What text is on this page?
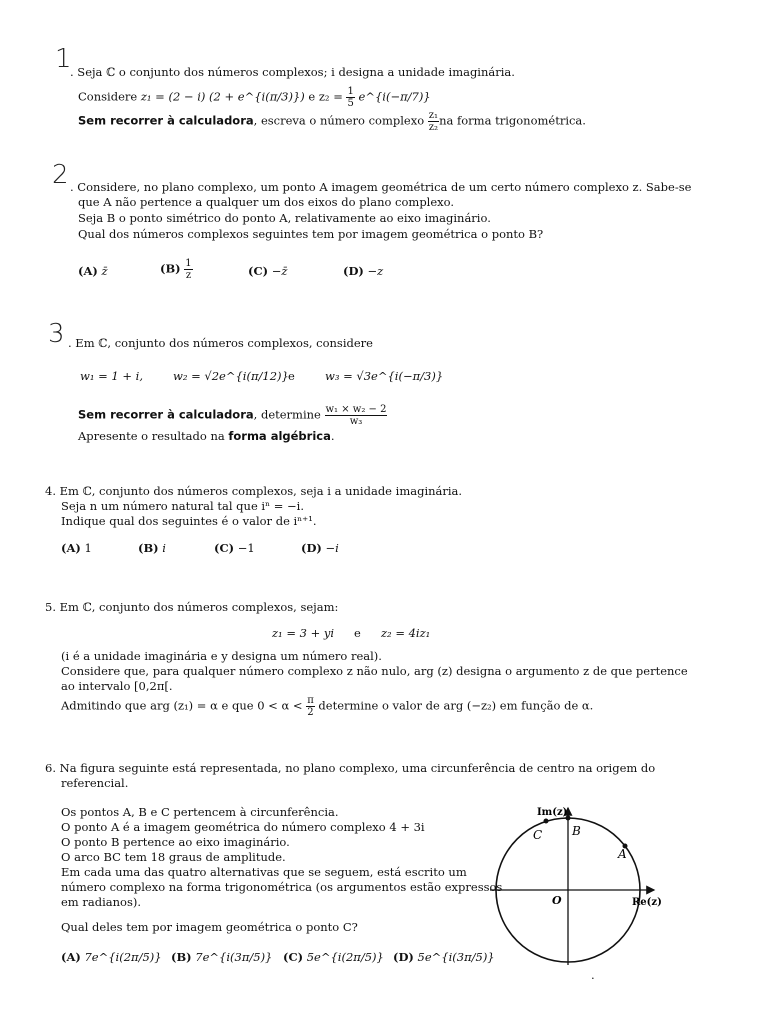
1
. Seja ℂ o conjunto dos números complexos; i designa a unidade imaginária.
Considere z₁ = (2 − i) (2 + e^{i(π/3)}) e $z_2 = \frac{1}{5}$ e^{i(−π/7)}
Sem recorrer à calculadora, escreva o número complexo $\frac{\text{z₁}}{\text{z₂}}$ na forma trigonométrica.
2 . Considere, no plano complexo, um ponto A imagem geométrica de um certo número complexo z. Sabe-se
que A não pertence a qualquer um dos eixos do plano complexo.
Seja B o ponto simétrico do ponto A, relativamente ao eixo imaginário.
Qual dos números complexos seguintes tem por imagem geométrica o ponto B?
(A) z̄	$(B) \frac{1}{z}$	(C) −z̄	(D) −z
3 . Em ℂ, conjunto dos números complexos, considere
w₁ = 1 + i,	w₂ = √2e^{i(π/12)} e	w₃ = √3e^{i(−π/3)}
Sem recorrer à calculadora, determine $\frac{\text{w₁ × w₂ − 2}}{\text{w₃}}$
Apresente o resultado na forma algébrica.
4. Em ℂ, conjunto dos números complexos, seja i a unidade imaginária.
Seja n um número natural tal que iⁿ = −i.
Indique qual dos seguintes é o valor de iⁿ⁺¹.
(A) 1	(B) i	(C) −1	(D) −i
5. Em ℂ, conjunto dos números complexos, sejam:
z₁ = 3 + yi e z₂ = 4iz₁
(i é a unidade imaginária e y designa um número real).
Considere que, para qualquer número complexo z não nulo, arg (z) designa o argumento z de que pertence
ao intervalo [0,2π[.
Admitindo que arg (z₁) = α e que $0 < \alpha < \frac{\pi}{2}$ determine o valor de arg (−z₂) em função de α.
6. Na figura seguinte está representada, no plano complexo, uma circunferência de centro na origem do
referencial.
Os pontos A, B e C pertencem à circunferência.
O ponto A é a imagem geométrica do número complexo 4 + 3i
O ponto B pertence ao eixo imaginário.
O arco BC tem 18 graus de amplitude.
Em cada uma das quatro alternativas que se seguem, está escrito um
número complexo na forma trigonométrica (os argumentos estão expressos
em radianos).
Qual deles tem por imagem geométrica o ponto C?
(A) 7e^{i(2π/5)} (B) 7e^{i(3π/5)} (C) 5e^{i(2π/5)} (D) 5e^{i(3π/5)}
Im(z)
Re(z)
O
A
B
C
.
